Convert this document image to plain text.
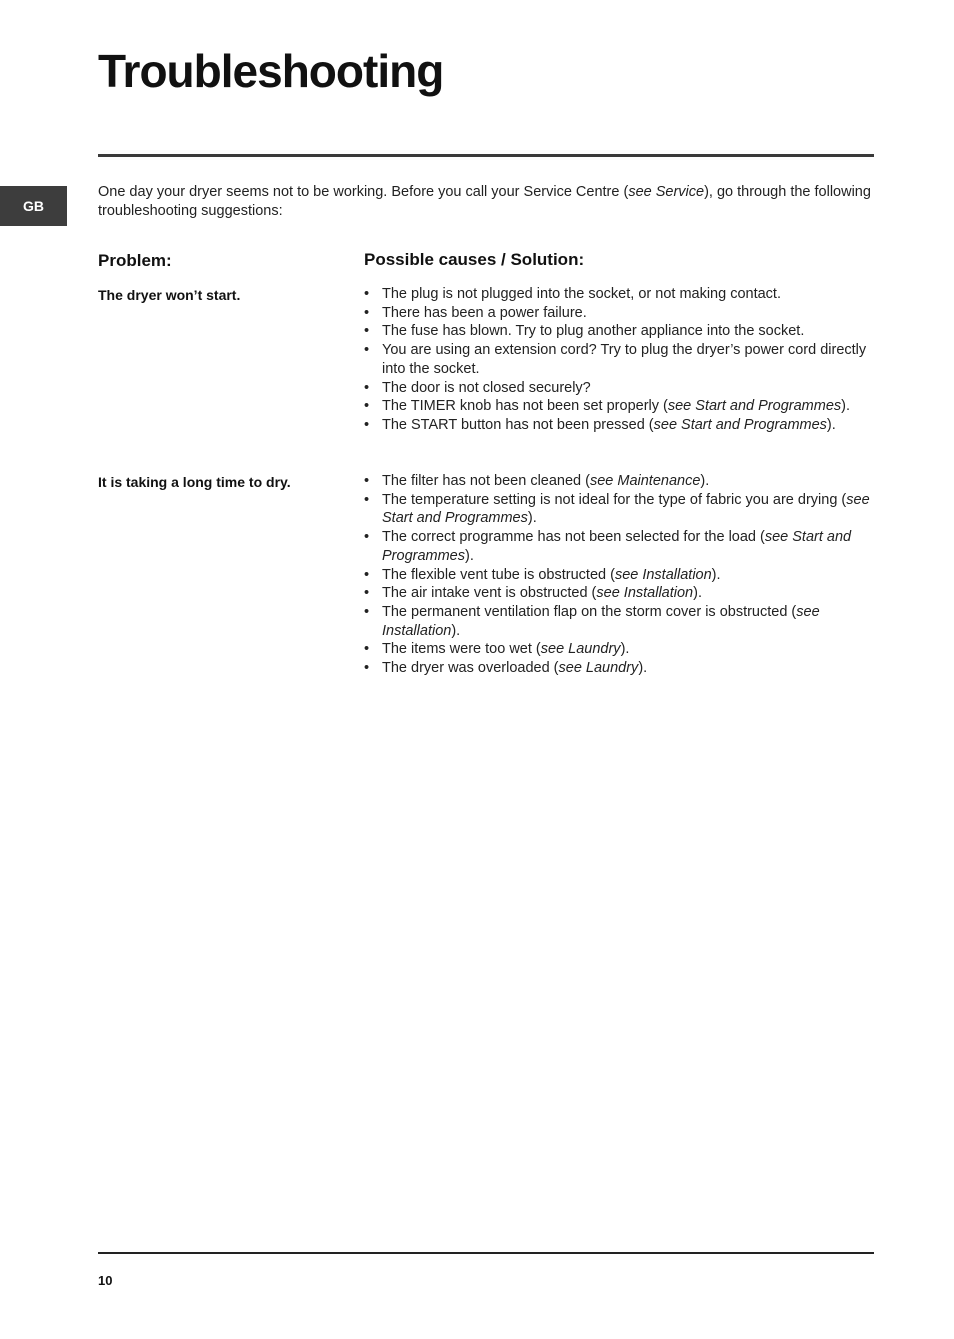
Troubleshooting
GB

One day your dryer seems not to be working. Before you call your Service Centre (see Service), go through the following troubleshooting suggestions:

Problem:	Possible causes / Solution:

The dryer won’t start.	• The plug is not plugged into the socket, or not making contact.
• There has been a power failure.
• The fuse has blown. Try to plug another appliance into the socket.
• You are using an extension cord? Try to plug the dryer’s power cord directly into the socket.
• The door is not closed securely?
• The TIMER knob has not been set properly (see Start and Programmes).
• The START button has not been pressed (see Start and Programmes).

It is taking a long time to dry.	• The filter has not been cleaned (see Maintenance).
• The temperature setting is not ideal for the type of fabric you are drying (see Start and Programmes).
• The correct programme has not been selected for the load (see Start and Programmes).
• The flexible vent tube is obstructed (see Installation).
• The air intake vent is obstructed (see Installation).
• The permanent ventilation flap on the storm cover is obstructed (see Installation).
• The items were too wet (see Laundry).
• The dryer was overloaded (see Laundry).
10
